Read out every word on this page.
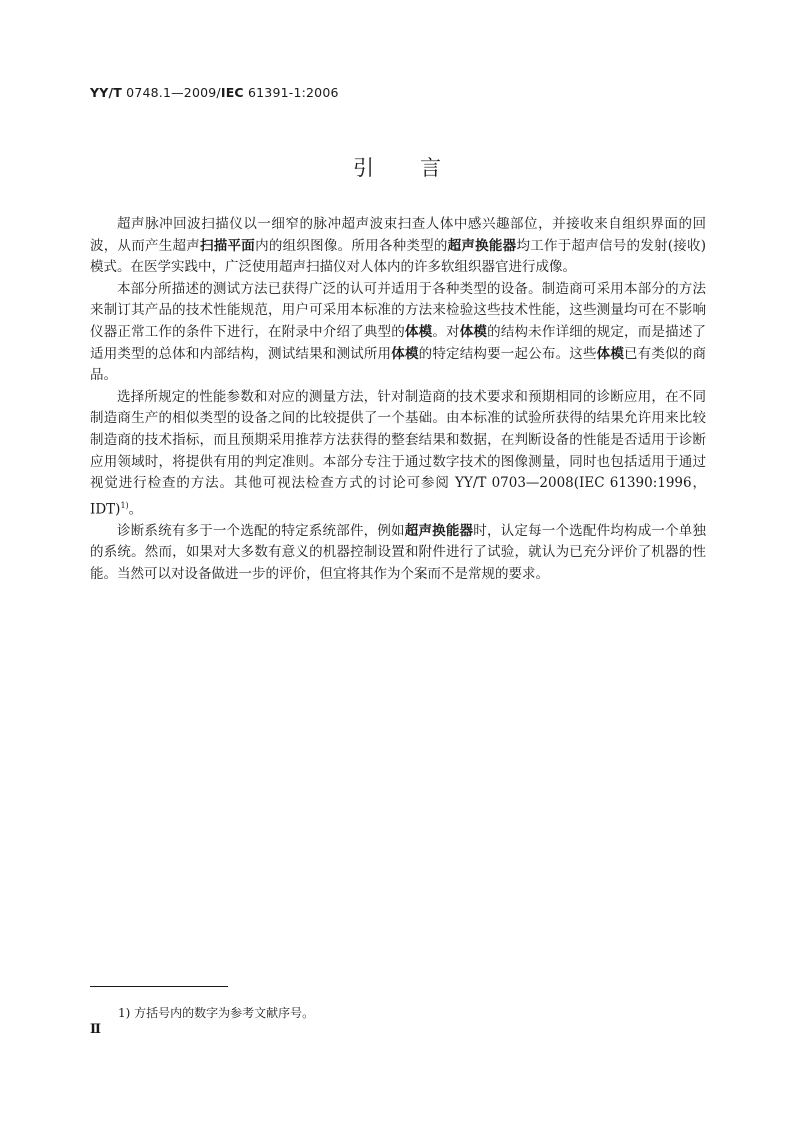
YY/T 0748.1—2009/IEC 61391-1:2006
引 言

超声脉冲回波扫描仪以一细窄的脉冲超声波束扫查人体中感兴趣部位，并接收来自组织界面的回波，从而产生超声扫描平面内的组织图像。所用各种类型的超声换能器均工作于超声信号的发射(接收)模式。在医学实践中，广泛使用超声扫描仪对人体内的许多软组织器官进行成像。

本部分所描述的测试方法已获得广泛的认可并适用于各种类型的设备。制造商可采用本部分的方法来制订其产品的技术性能规范，用户可采用本标准的方法来检验这些技术性能，这些测量均可在不影响仪器正常工作的条件下进行，在附录中介绍了典型的体模。对体模的结构未作详细的规定，而是描述了适用类型的总体和内部结构，测试结果和测试所用体模的特定结构要一起公布。这些体模已有类似的商品。

选择所规定的性能参数和对应的测量方法，针对制造商的技术要求和预期相同的诊断应用，在不同制造商生产的相似类型的设备之间的比较提供了一个基础。由本标准的试验所获得的结果允许用来比较制造商的技术指标，而且预期采用推荐方法获得的整套结果和数据，在判断设备的性能是否适用于诊断应用领域时，将提供有用的判定准则。本部分专注于通过数字技术的图像测量，同时也包括适用于通过视觉进行检查的方法。其他可视法检查方式的讨论可参阅 YY/T 0703—2008(IEC 61390:1996，IDT)$^{1)}$。

诊断系统有多于一个选配的特定系统部件，例如超声换能器时，认定每一个选配件均构成一个单独的系统。然而，如果对大多数有意义的机器控制设置和附件进行了试验，就认为已充分评价了机器的性能。当然可以对设备做进一步的评价，但宜将其作为个案而不是常规的要求。

1) 方括号内的数字为参考文献序号。
Ⅱ
